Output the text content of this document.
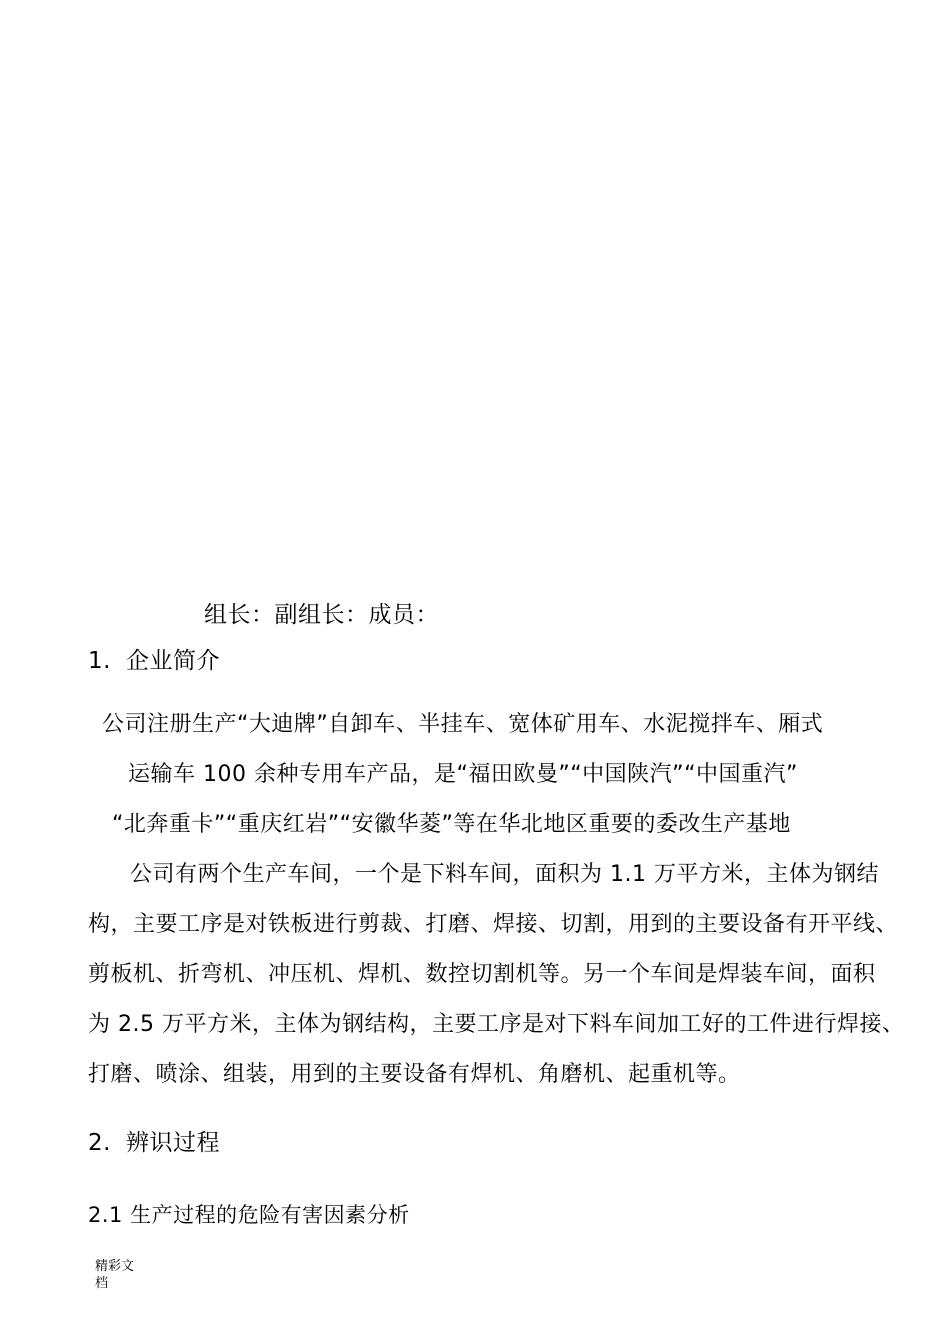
组长：副组长：成员：
1. 企业简介
公司注册生产“大迪牌”自卸车、半挂车、宽体矿用车、水泥搅拌车、厢式
运输车 100 余种专用车产品，是“福田欧曼”“中国陕汽”“中国重汽”
“北奔重卡”“重庆红岩”“安徽华菱”等在华北地区重要的委改生产基地
公司有两个生产车间，一个是下料车间，面积为 1.1 万平方米，主体为钢结
构，主要工序是对铁板进行剪裁、打磨、焊接、切割，用到的主要设备有开平线、
剪板机、折弯机、冲压机、焊机、数控切割机等。另一个车间是焊装车间，面积
为 2.5 万平方米，主体为钢结构，主要工序是对下料车间加工好的工件进行焊接、
打磨、喷涂、组装，用到的主要设备有焊机、角磨机、起重机等。
2. 辨识过程
2.1 生产过程的危险有害因素分析
精彩文档
